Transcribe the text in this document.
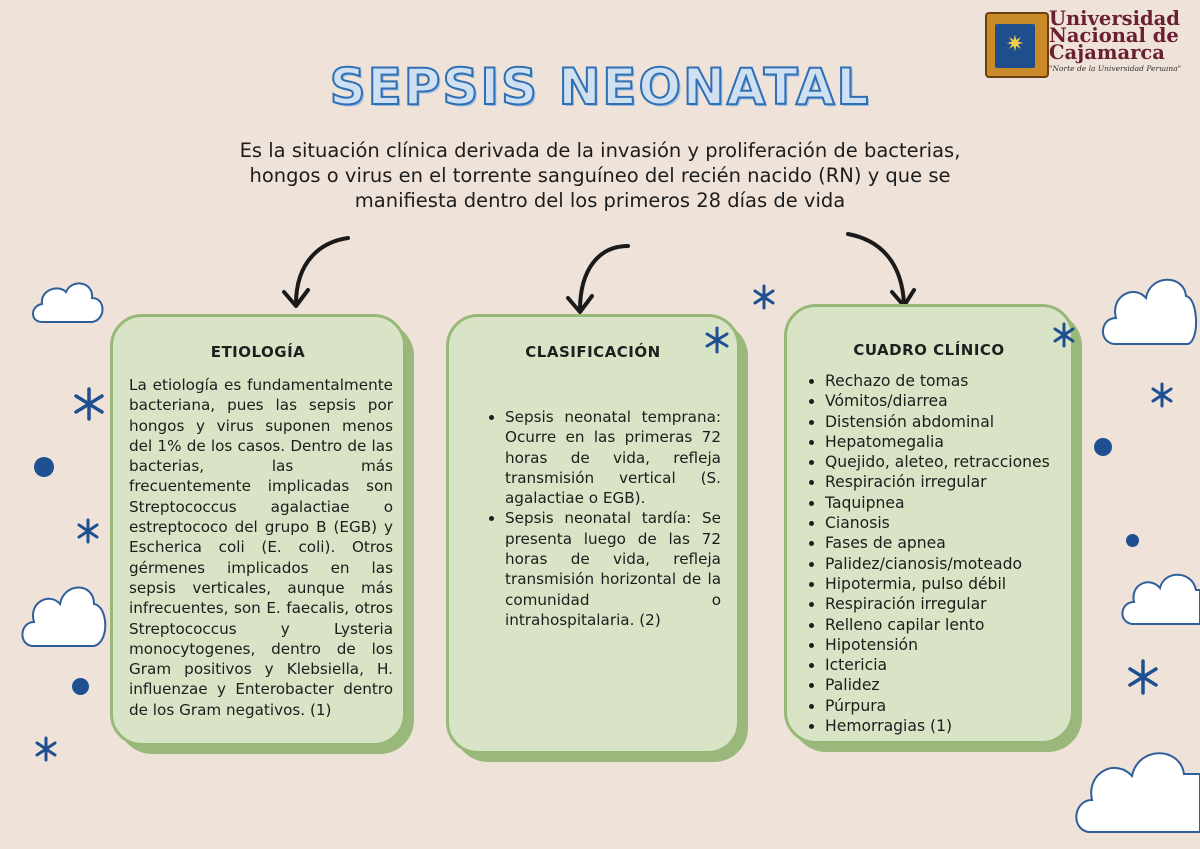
✷
Universidad
Nacional de
Cajamarca
"Norte de la Universidad Peruana"
SEPSIS NEONATAL
Es la situación clínica derivada de la invasión y proliferación de bacterias, hongos o virus en el torrente sanguíneo del recién nacido (RN) y que se manifiesta dentro del los primeros 28 días de vida
ETIOLOGÍA
La etiología es fundamentalmente bacteriana, pues las sepsis por hongos y virus suponen menos del 1% de los casos. Dentro de las bacterias, las más frecuentemente implicadas son Streptococcus agalactiae o estreptococo del grupo B (EGB) y Escherica coli (E. coli). Otros gérmenes implicados en las sepsis verticales, aunque más infrecuentes, son E. faecalis, otros Streptococcus y Lysteria monocytogenes, dentro de los Gram positivos y Klebsiella, H. influenzae y Enterobacter dentro de los Gram negativos. (1)
CLASIFICACIÓN
• Sepsis neonatal temprana: Ocurre en las primeras 72 horas de vida, refleja transmisión vertical (S. agalactiae o EGB).
• Sepsis neonatal tardía: Se presenta luego de las 72 horas de vida, refleja transmisión horizontal de la comunidad o intrahospitalaria. (2)
CUADRO CLÍNICO
• Rechazo de tomas
• Vómitos/diarrea
• Distensión abdominal
• Hepatomegalia
• Quejido, aleteo, retracciones
• Respiración irregular
• Taquipnea
• Cianosis
• Fases de apnea
• Palidez/cianosis/moteado
• Hipotermia, pulso débil
• Respiración irregular
• Relleno capilar lento
• Hipotensión
• Ictericia
• Palidez
• Púrpura
• Hemorragias (1)
